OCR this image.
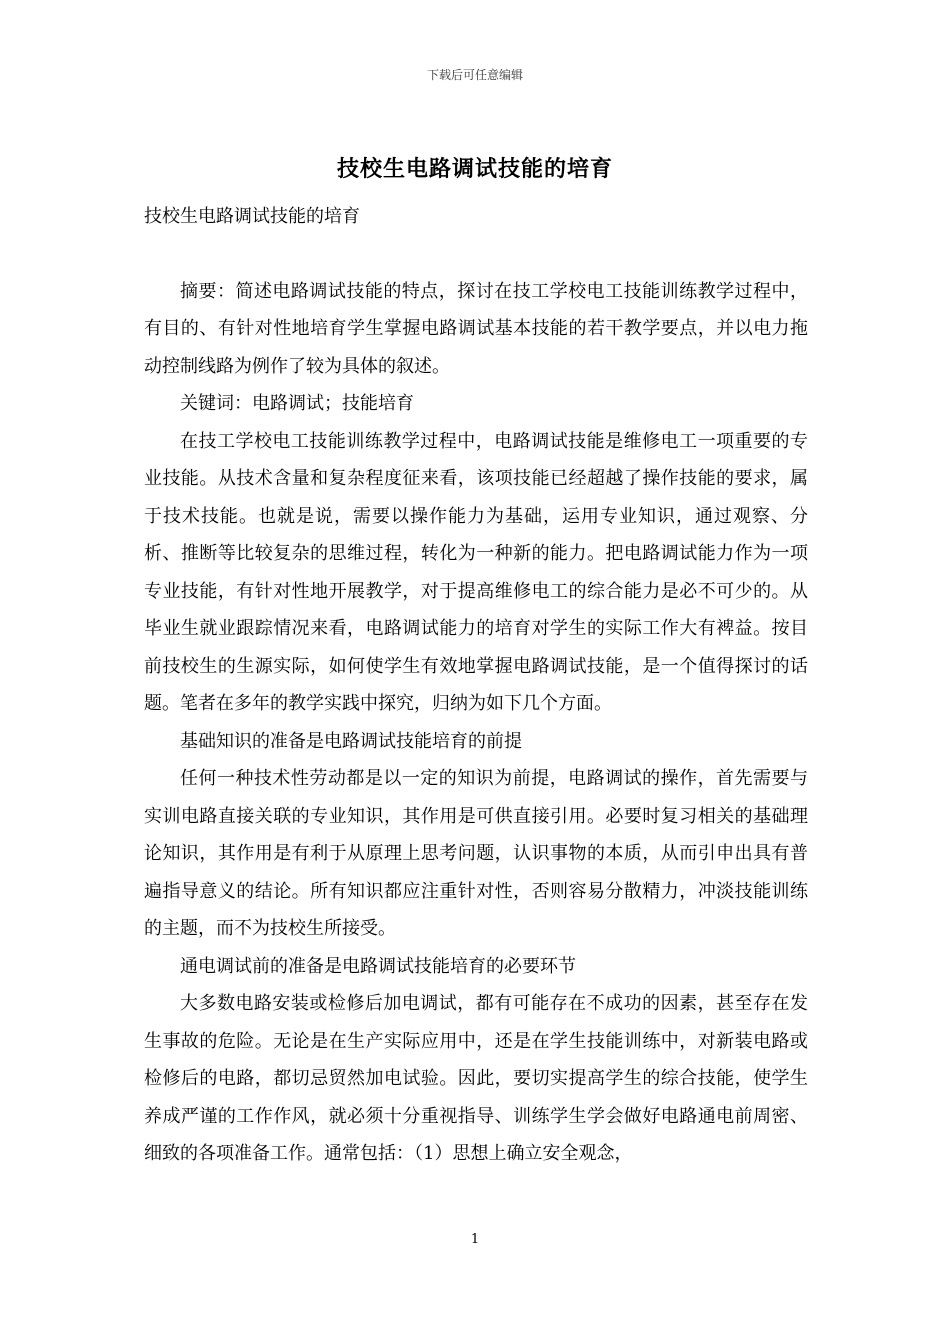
下载后可任意编辑
技校生电路调试技能的培育

技校生电路调试技能的培育

摘要：简述电路调试技能的特点，探讨在技工学校电工技能训练教学过程中，有目的、有针对性地培育学生掌握电路调试基本技能的若干教学要点，并以电力拖动控制线路为例作了较为具体的叙述。

关键词：电路调试；技能培育

在技工学校电工技能训练教学过程中，电路调试技能是维修电工一项重要的专业技能。从技术含量和复杂程度征来看，该项技能已经超越了操作技能的要求，属于技术技能。也就是说，需要以操作能力为基础，运用专业知识，通过观察、分析、推断等比较复杂的思维过程，转化为一种新的能力。把电路调试能力作为一项专业技能，有针对性地开展教学，对于提高维修电工的综合能力是必不可少的。从毕业生就业跟踪情况来看，电路调试能力的培育对学生的实际工作大有裨益。按目前技校生的生源实际，如何使学生有效地掌握电路调试技能，是一个值得探讨的话题。笔者在多年的教学实践中探究，归纳为如下几个方面。

基础知识的准备是电路调试技能培育的前提

任何一种技术性劳动都是以一定的知识为前提，电路调试的操作，首先需要与实训电路直接关联的专业知识，其作用是可供直接引用。必要时复习相关的基础理论知识，其作用是有利于从原理上思考问题，认识事物的本质，从而引申出具有普遍指导意义的结论。所有知识都应注重针对性，否则容易分散精力，冲淡技能训练的主题，而不为技校生所接受。

通电调试前的准备是电路调试技能培育的必要环节

大多数电路安装或检修后加电调试，都有可能存在不成功的因素，甚至存在发生事故的危险。无论是在生产实际应用中，还是在学生技能训练中，对新装电路或检修后的电路，都切忌贸然加电试验。因此，要切实提高学生的综合技能，使学生养成严谨的工作作风，就必须十分重视指导、训练学生学会做好电路通电前周密、细致的各项准备工作。通常包括：（1）思想上确立安全观念，

1
